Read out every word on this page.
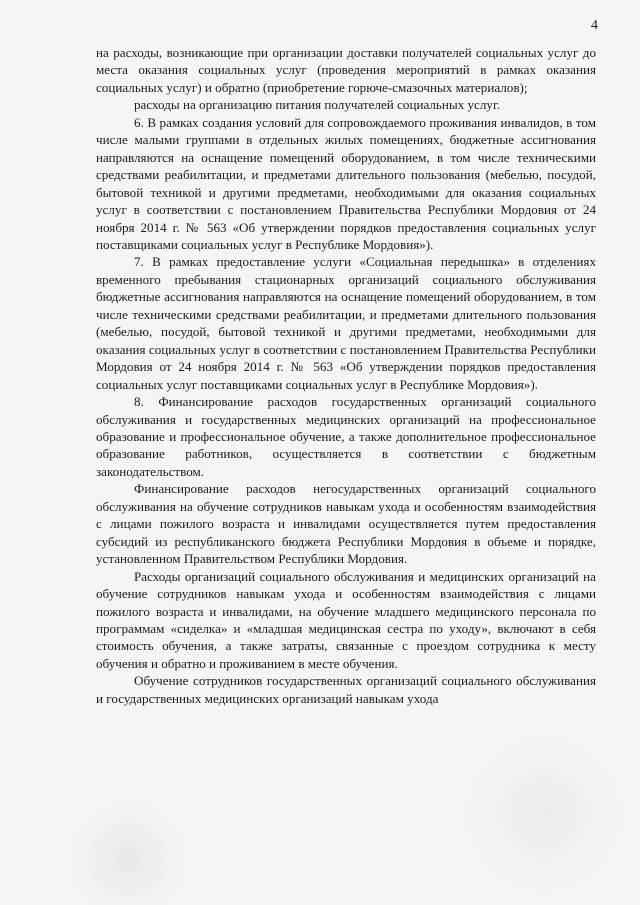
4

на расходы, возникающие при организации доставки получателей социальных услуг до места оказания социальных услуг (проведения мероприятий в рамках оказания социальных услуг) и обратно (приобретение горюче-смазочных материалов);

расходы на организацию питания получателей социальных услуг.

6. В рамках создания условий для сопровождаемого проживания инвалидов, в том числе малыми группами в отдельных жилых помещениях, бюджетные ассигнования направляются на оснащение помещений оборудованием, в том числе техническими средствами реабилитации, и предметами длительного пользования (мебелью, посудой, бытовой техникой и другими предметами, необходимыми для оказания социальных услуг в соответствии с постановлением Правительства Республики Мордовия от 24 ноября 2014 г. № 563 «Об утверждении порядков предоставления социальных услуг поставщиками социальных услуг в Республике Мордовия»).

7. В рамках предоставление услуги «Социальная передышка» в отделениях временного пребывания стационарных организаций социального обслуживания бюджетные ассигнования направляются на оснащение помещений оборудованием, в том числе техническими средствами реабилитации, и предметами длительного пользования (мебелью, посудой, бытовой техникой и другими предметами, необходимыми для оказания социальных услуг в соответствии с постановлением Правительства Республики Мордовия от 24 ноября 2014 г. № 563 «Об утверждении порядков предоставления социальных услуг поставщиками социальных услуг в Республике Мордовия»).

8. Финансирование расходов государственных организаций социального обслуживания и государственных медицинских организаций на профессиональное образование и профессиональное обучение, а также дополнительное профессиональное образование работников, осуществляется в соответствии с бюджетным законодательством.

Финансирование расходов негосударственных организаций социального обслуживания на обучение сотрудников навыкам ухода и особенностям взаимодействия с лицами пожилого возраста и инвалидами осуществляется путем предоставления субсидий из республиканского бюджета Республики Мордовия в объеме и порядке, установленном Правительством Республики Мордовия.

Расходы организаций социального обслуживания и медицинских организаций на обучение сотрудников навыкам ухода и особенностям взаимодействия с лицами пожилого возраста и инвалидами, на обучение младшего медицинского персонала по программам «сиделка» и «младшая медицинская сестра по уходу», включают в себя стоимость обучения, а также затраты, связанные с проездом сотрудника к месту обучения и обратно и проживанием в месте обучения.

Обучение сотрудников государственных организаций социального обслуживания и государственных медицинских организаций навыкам ухода
